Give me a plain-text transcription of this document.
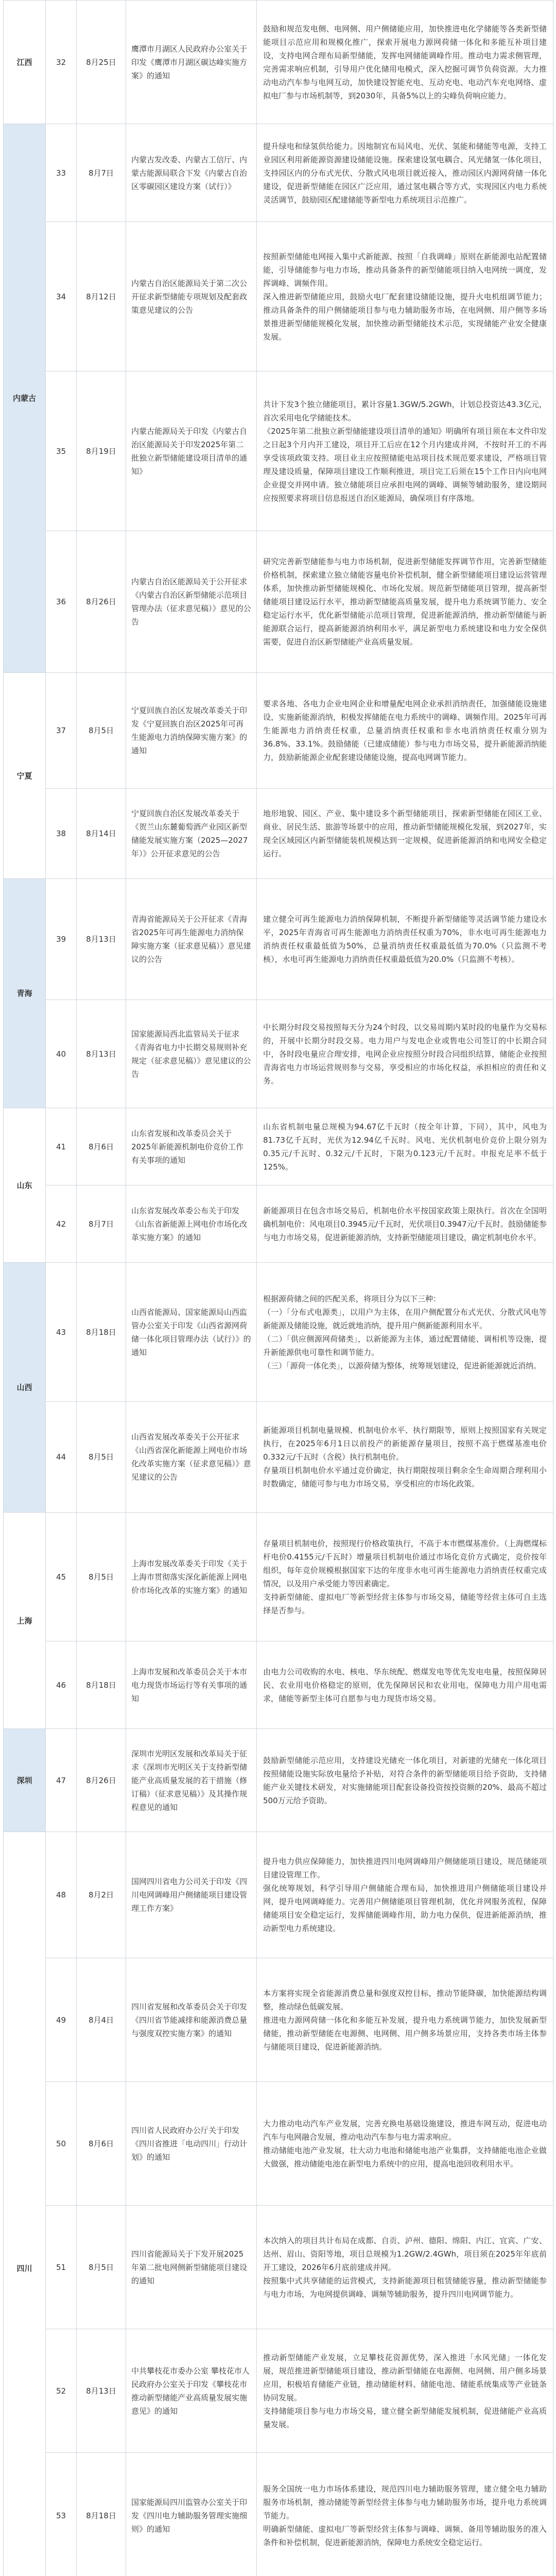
江西	32	8月25日	鹰潭市月湖区人民政府办公室关于印发《鹰潭市月湖区碳达峰实施方案》的通知	鼓励和规范发电侧、电网侧、用户侧储能应用，加快推进电化学储能等各类新型储能项目示范应用和规模化推广，探索开展电力源网荷储一体化和多能互补项目建设，支持电网合理布局新型储能，发挥电网储能调峰作用。推动电力需求侧管理，完善需求响应机制，引导用户优化储用电模式，深入挖掘可调节负荷资源。大力推动电动汽车参与电网互动，加快建设智能充电、互动充电、电动汽车充电网络、虚拟电厂参与市场机制等，到2030年，具备5%以上的尖峰负荷响应能力。

内蒙古	33	8月7日	内蒙古发改委、内蒙古工信厅、内蒙古能源局联合下发《内蒙古自治区零碳园区建设方案（试行）》	提升绿电和绿氢供给能力。因地制宜布局风电、光伏、氢能和储能等电源，支持工业园区利用新能源资源建设储能设施。探索建设氢电耦合、风光储氢一体化项目，支持园区内的分布式光伏、分散式风电项目就近接入，推动园区内源网荷储一体化建设，促进新型储能在园区广泛应用，通过氢电耦合等方式，实现园区内电力系统灵活调节，鼓励园区配建储能等新型电力系统项目示范推广。

	34	8月12日	内蒙古自治区能源局关于第二次公开征求新型储能专项规划及配套政策意见建议的公告	按照新型储能电网接入集中式新能源、按照「自我调峰」原则在新能源电站配置储能，引导储能参与电力市场，推动具备条件的新型储能项目纳入电网统一调度，发挥调峰、调频作用。
深入推进新型储能应用，鼓励火电厂配套建设储能设施，提升火电机组调节能力；推动具备条件的用户侧储能项目参与电力辅助服务市场，在电网侧、用户侧等多场景推进新型储能规模化发展，加快推动新型储能技术示范，实现储能产业安全健康发展。

	35	8月19日	内蒙古能源局关于印发《内蒙古自治区能源局关于印发2025年第二批独立新型储能建设项目清单的通知》	共计下发3个独立储能项目，累计容量1.3GW/5.2GWh，计划总投资达43.3亿元，首次采用电化学储能技术。
《2025年第二批独立新型储能建设项目清单的通知》明确所有项目须在本文件印发之日起3个月内开工建设，项目开工后应在12个月内建成并网，不按时开工的不再享受该项政策支持。项目业主应按照储能电站项目技术规范要求建设，严格项目管理及建设质量，保障项目建设工作顺利推进，项目完工后须在15个工作日内向电网企业提交并网申请。独立储能项目应承担电网的调峰、调频等辅助服务，建设期间应按照要求将项目信息报送自治区能源局，确保项目有序落地。

	36	8月26日	内蒙古自治区能源局关于公开征求《内蒙古自治区新型储能示范项目管理办法（征求意见稿）》意见的公告	研究完善新型储能参与电力市场机制，促进新型储能发挥调节作用，完善新型储能价格机制，探索建立独立储能容量电价补偿机制，健全新型储能项目建设运营管理体系，加快推动新型储能规模化、市场化发展。规范新型储能项目管理，提高新型储能项目建设运行水平，推动新型储能高质量发展，提升电力系统调节能力、安全稳定运行水平，优化新型储能示范项目管理，促进新能源消纳，推动新型储能与新能源联合运行，提高新能源消纳利用水平，满足新型电力系统建设和电力安全保供需要，促进自治区新型储能产业高质量发展。

宁夏	37	8月5日	宁夏回族自治区发展改革委关于印发《宁夏回族自治区2025年可再生能源电力消纳保障实施方案》的通知	要求各地、各电力企业电网企业和增量配电网企业承担消纳责任，加强储能设施建设，实施新能源消纳，积极发挥储能在电力系统中的调峰、调频作用。2025年可再生能源电力消纳责任权重，总量消纳责任权重和非水电消纳责任权重分别为36.8%、33.1%。鼓励储能（已建成储能）参与电力市场交易，提升新能源消纳能力，鼓励新能源企业配套建设储能设施，提高电网调节能力。

	38	8月14日	宁夏回族自治区发展改革委关于《贺兰山东麓葡萄酒产业园区新型储能发展实施方案（2025—2027年）》公开征求意见的公告	地形地貌、园区、产业、集中建设多个新型储能项目，探索新型储能在园区工业、商业、居民生活、旅游等场景中的应用，推动新型储能规模化发展，到2027年，实现全区域园区内新型储能装机规模达到一定规模，促进新能源消纳和电网安全稳定运行。

青海	39	8月13日	青海省能源局关于公开征求《青海省2025年可再生能源电力消纳保障实施方案（征求意见稿）》意见建议的公告	建立健全可再生能源电力消纳保障机制，不断提升新型储能等灵活调节能力建设水平，2025年青海省可再生能源电力消纳责任权重为70%，非水电可再生能源电力消纳责任权重最低值为50%，总量消纳责任权重最低值为70.0%（只监测不考核），水电可再生能源电力消纳责任权重最低值为20.0%（只监测不考核）。

	40	8月13日	国家能源局西北监管局关于征求《青海省电力中长期交易规则补充规定（征求意见稿）》意见建议的公告	中长期分时段交易按照每天分为24个时段，以交易周期内某时段的电量作为交易标的，开展中长期分时段交易。电力用户与发电企业或售电公司签订的中长期合同中，各时段电量应合理安排，电网企业应按照分时段合同组织结算，储能企业按照青海省电力市场运营规则参与交易，享受相应的市场化权益，承担相应的责任和义务。

山东	41	8月6日	山东省发展和改革委员会关于2025年新能源机制电价竞价工作有关事项的通知	山东省机制电量总规模为94.67亿千瓦时（按全年计算，下同），其中，风电为81.73亿千瓦时，光伏为12.94亿千瓦时。风电、光伏机制电价竞价上限分别为0.35元/千瓦时、0.32元/千瓦时，下限为0.123元/千瓦时。申报充足率不低于125%。

	42	8月7日	山东省发展改革委公布关于印发《山东省新能源上网电价市场化改革实施方案》的通知	新能源项目在包含市场交易后，机制电价水平按国家政策上限执行。首次在全国明确机制电价：风电项目0.3945元/千瓦时，光伏项目0.3947元/千瓦时。鼓励储能参与电力市场交易，促进新能源消纳，支持新型储能项目建设，确定机制电价水平。

山西	43	8月18日	山西省能源局、国家能源局山西监管办公室关于印发《山西省源网荷储一体化项目管理办法（试行）》的通知	根据源荷储之间的匹配关系，将项目分为以下三种：
（一）「分布式电源类」，以用户为主体，在用户侧配置分布式光伏、分散式风电等新能源及储能设施，就近就地消纳，提升用户侧新能源利用水平。
（二）「供应侧源网荷储类」，以新能源为主体，通过配置储能、调相机等设施，提升新能源供电可靠性和调节能力。
（三）「源荷一体化类」，以源荷储为整体，统筹规划建设，促进新能源就近消纳。

	44	8月5日	山西省发展改革委关于公开征求《山西省深化新能源上网电价市场化改革实施方案（征求意见稿）》意见建议的公告	新能源项目机制电量规模、机制电价水平、执行期限等，原则上按照国家有关规定执行，在2025年6月1日以前投产的新能源存量项目，按照不高于燃煤基准电价0.332元/千瓦时（含税）执行机制电价。
存量项目机制电价水平通过竞价确定，执行期限按项目剩余全生命周期合理利用小时数确定，储能可参与电力市场交易，享受相应的市场化政策。

上海	45	8月5日	上海市发展改革委关于印发《关于上海市贯彻落实深化新能源上网电价市场化改革的实施方案》的通知	存量项目机制电价，按照现行价格政策执行，不高于本市燃煤基准价。（上海燃煤标杆电价0.4155元/千瓦时）增量项目机制电价通过市场化竞价方式确定，竞价按年组织，每年竞价规模根据国家下达的年度非水电可再生能源电力消纳责任权重完成情况，以及用户承受能力等因素确定。
支持新型储能、虚拟电厂等新型经营主体参与市场交易，储能等经营主体可自主选择是否参与。

	46	8月18日	上海市发展和改革委员会关于本市电力现货市场运行等有关事项的通知	由电力公司收购的水电、核电、华东统配、燃煤发电等优先发电电量，按照保障居民、农业用电价格稳定的原则，优先保障居民和农业用电，保障电力用户用电需求，储能等新型主体可自愿参与电力现货市场交易。

深圳	47	8月26日	深圳市光明区发展和改革局关于征求《深圳市光明区关于支持新型储能产业高质量发展的若干措施（修订稿）（征求意见稿）》及其操作规程意见的通知	鼓励新型储能示范应用，支持建设光储充一体化项目，对新建的光储充一体化项目按照储能设施实际放电量给予补贴，对符合条件的新型储能项目给予资助，支持储能产业关键技术研发，对实施储能项目配套设备投资按投资额的20%、最高不超过500万元给予资助。

四川	48	8月2日	国网四川省电力公司关于印发《四川电网调峰用户侧储能项目建设管理工作方案》	提升电力供应保障能力，加快推进四川电网调峰用户侧储能项目建设，规范储能项目建设管理工作。
强化统筹规划，科学引导用户侧储能合理布局，加快推进用户侧储能项目建设并网，提升电网调峰能力。完善用户侧储能项目管理机制，优化并网服务流程，保障储能项目安全稳定运行，发挥储能调峰作用，助力电力保供，促进新能源消纳，推动新型电力系统建设。

	49	8月4日	四川省发展和改革委员会关于印发《四川省节能减排和能源消费总量与强度双控实施方案》的通知	本方案将实现全省能源消费总量和强度双控目标，推动节能降碳，加快能源结构调整，推动绿色低碳发展。
推进电力源网荷储一体化和多能互补发展，提升电力系统调节能力，加快发展新型储能，推动新型储能在电源侧、电网侧、用户侧多场景应用，支持各类市场主体参与储能项目建设，促进新能源消纳。

	50	8月6日	四川省人民政府办公厅关于印发《四川省推进「电动四川」行动计划》的通知	大力推动电动汽车产业发展，完善充换电基础设施建设，推进车网互动，促进电动汽车与电网融合发展，推动电动汽车参与电力需求响应。
推动储能电池产业发展，壮大动力电池和储能电池产业集群，支持储能电池企业做大做强，推动储能电池在新型电力系统中的应用，提高电池回收利用水平。

	51	8月5日	四川省能源局关于下发开展2025年第二批电网侧新型储能项目建设的通知	本次纳入的项目共计布局在成都、自贡、泸州、德阳、绵阳、内江、宜宾、广安、达州、眉山、资阳等地，项目总规模为1.2GW/2.4GWh，项目须在2025年年底前开工建设，2026年6月底前建成并网。
按照集中式共享储能的运营模式，支持新能源项目租赁储能容量，推动新型储能参与电力市场，为电网提供调峰、调频等辅助服务，提升四川电网调节能力。

	52	8月13日	中共攀枝花市委办公室 攀枝花市人民政府办公室关于印发《攀枝花市推动新型储能产业高质量发展实施意见》的通知	推动新型储能产业发展，立足攀枝花资源优势，深入推进「水风光储」一体化发展，规范推进新型储能项目建设，推动新型储能在电源侧、电网侧、用户侧多场景应用，积极培育储能产业链，推动储能材料、储能电池、储能系统集成等产业链条协同发展。
支持储能项目参与电力市场交易，建立健全新型储能发展机制，促进储能产业高质量发展。

	53	8月18日	国家能源局四川监管办公室关于印发《四川电力辅助服务管理实施细则》的通知	服务全国统一电力市场体系建设，规范四川电力辅助服务管理，建立健全电力辅助服务市场机制，推动储能等新型经营主体参与电力辅助服务市场，提升电力系统调节能力。
明确新型储能、虚拟电厂等新型经营主体参与调峰、调频、备用等辅助服务的准入条件和补偿机制，促进新能源消纳，保障电力系统安全稳定运行。
